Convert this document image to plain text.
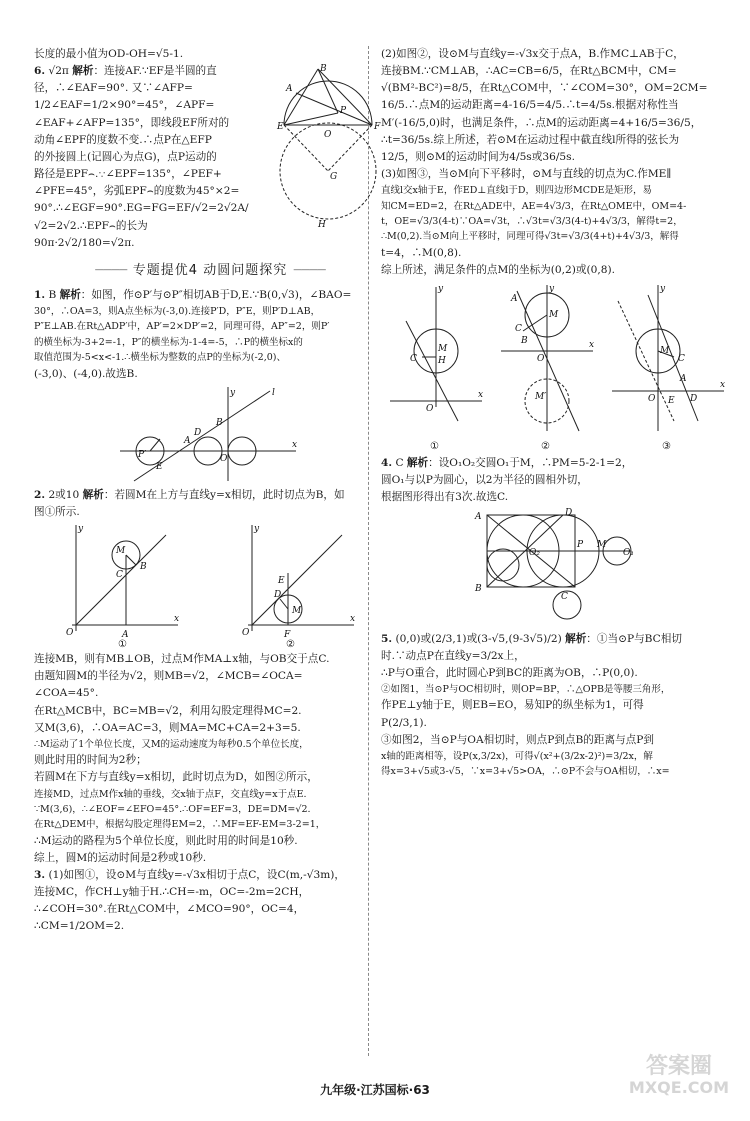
长度的最小值为OD-OH=√5-1.

B
A
P
E	F
O
G
H

6. √2π 解析：连接AF.∵EF是半圆的直

径，∴∠EAF=90°. 又∵∠AFP=

1/2∠EAF=1/2×90°=45°，∠APF=

∠EAF+∠AFP=135°，即线段EF所对的

动角∠EPF的度数不变.∴点P在△EFP

的外接圆上(记圆心为点G)，点P运动的

路径是EPF⌢.∵∠EPF=135°，∠PEF+

∠PFE=45°，劣弧EPF⌢的度数为45°×2=

90°.∴∠EGF=90°.EG=FG=EF/√2=2√2A/√2=2√2.∴EPF⌢的长为

90π·2√2/180=√2π.

———— 专题提优4 动圆问题探究 ————

1. B 解析：如图，作⊙P′与⊙P″相切AB于D,E.∵B(0,√3)，∠BAO=

30°，∴OA=3，则A点坐标为(-3,0).连接P′D，P″E，则P′D⊥AB，

P″E⊥AB.在Rt△ADP′中，AP′=2×DP′=2，同理可得，AP″=2，则P′

的横坐标为-3+2=-1，P″的横坐标为-1-4=-5，∴P的横坐标x的

取值范围为-5<x<-1.∴横坐标为整数的点P的坐标为(-2,0)、

(-3,0)、(-4,0).故选B.

l
y
x
B
A
D
P′
E
O

2. 2或10 解析：若圆M在上方与直线y=x相切，此时切点为B，如

图①所示.

y
x
O
M
B
C
A
①
y
x
O
M
E
D
F
②

连接MB，则有MB⊥OB，过点M作MA⊥x轴，与OB交于点C.

由题知圆M的半径为√2，则MB=√2，∠MCB=∠OCA=

∠COA=45°.

在Rt△MCB中，BC=MB=√2，利用勾股定理得MC=2.

又M(3,6)，∴OA=AC=3，则MA=MC+CA=2+3=5.

∴M运动了1个单位长度，又M的运动速度为每秒0.5个单位长度，

则此时用的时间为2秒；

若圆M在下方与直线y=x相切，此时切点为D，如图②所示，

连接MD，过点M作x轴的垂线，交x轴于点F，交直线y=x于点E.

∵M(3,6)，∴∠EOF=∠EFO=45°.∴OF=EF=3，DE=DM=√2.

在Rt△DEM中，根据勾股定理得EM=2，∴MF=EF-EM=3-2=1，

∴M运动的路程为5个单位长度，则此时用的时间是10秒.

综上，圆M的运动时间是2秒或10秒.

3. (1)如图①，设⊙M与直线y=-√3x相切于点C，设C(m,-√3m)，

连接MC，作CH⊥y轴于H.∴CH=-m，OC=-2m=2CH，

∴∠COH=30°.在Rt△COM中，∠MCO=90°，OC=4，

∴CM=1/2OM=2.

(2)如图②，设⊙M与直线y=-√3x交于点A，B.作MC⊥AB于C，

连接BM.∵CM⊥AB，∴AC=CB=6/5，在Rt△BCM中，CM=

√(BM²-BC²)=8/5，在Rt△COM中，∵∠COM=30°，OM=2CM=

16/5.∴点M的运动距离=4-16/5=4/5.∴t=4/5s.根据对称性当

M′(-16/5,0)时，也满足条件，∴点M的运动距离=4+16/5=36/5，

∴t=36/5s.综上所述，若⊙M在运动过程中截直线l所得的弦长为

12/5，则⊙M的运动时间为4/5s或36/5s.

(3)如图③，当⊙M向下平移时，⊙M与直线的切点为C.作ME∥

直线l交x轴于E，作ED⊥直线l于D，则四边形MCDE是矩形，易

知CM=ED=2，在Rt△ADE中，AE=4√3/3，在Rt△OME中，OM=4-

t，OE=√3/3(4-t)∵OA=√3t，∴√3t=√3/3(4-t)+4√3/3，解得t=2，

∴M(0,2).当⊙M向上平移时，同理可得√3t=√3/3(4+t)+4√3/3，解得

t=4，∴M(0,8).

综上所述，满足条件的点M的坐标为(0,2)或(0,8).

y
x
O
M
H
C
①
y
x
O
M
M′
A
C
B
②
y
x
O
M
C
E
A
D
③

4. C 解析：设O₁O₂交圆O₁于M，∴PM=5-2-1=2，

圆O₁与以P为圆心，以2为半径的圆相外切，

根据图形得出有3次.故选C.

A
B
D
C
P M
O₁
O₂

5. (0,0)或(2/3,1)或(3-√5,(9-3√5)/2) 解析：①当⊙P与BC相切

时.∵动点P在直线y=3/2x上，

∴P与O重合，此时圆心P到BC的距离为OB，∴P(0,0).

②如图1，当⊙P与OC相切时，则OP=BP，∴△OPB是等腰三角形，

作PE⊥y轴于E，则EB=EO，易知P的纵坐标为1，可得

P(2/3,1).

③如图2，当⊙P与OA相切时，则点P到点B的距离与点P到

x轴的距离相等，设P(x,3/2x)，可得√(x²+(3/2x-2)²)=3/2x，解

得x=3+√5或3-√5，∵x=3+√5>OA，∴⊙P不会与OA相切，∴x=

九年级·江苏国标·63
答案圈
MXQE.COM
